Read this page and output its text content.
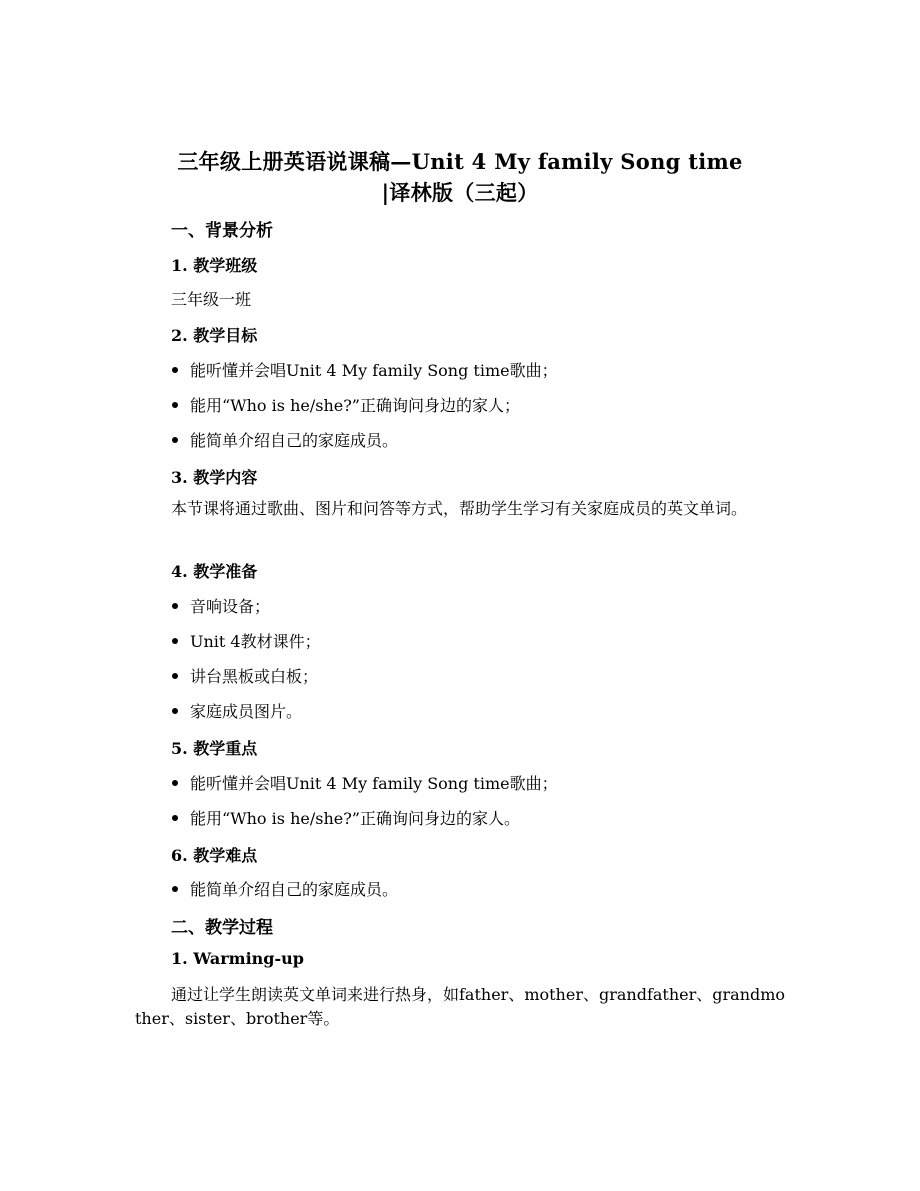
三年级上册英语说课稿—Unit 4 My family Song time
|译林版（三起）
一、背景分析
1. 教学班级
三年级一班
2. 教学目标
能听懂并会唱Unit 4 My family Song time歌曲；
能用“Who is he/she?”正确询问身边的家人；
能简单介绍自己的家庭成员。
3. 教学内容
本节课将通过歌曲、图片和问答等方式，帮助学生学习有关家庭成员的英文单词。
4. 教学准备
音响设备；
Unit 4教材课件；
讲台黑板或白板；
家庭成员图片。
5. 教学重点
能听懂并会唱Unit 4 My family Song time歌曲；
能用“Who is he/she?”正确询问身边的家人。
6. 教学难点
能简单介绍自己的家庭成员。
二、教学过程
1. Warming-up
通过让学生朗读英文单词来进行热身，如father、mother、grandfather、grandmother、sister、brother等。
